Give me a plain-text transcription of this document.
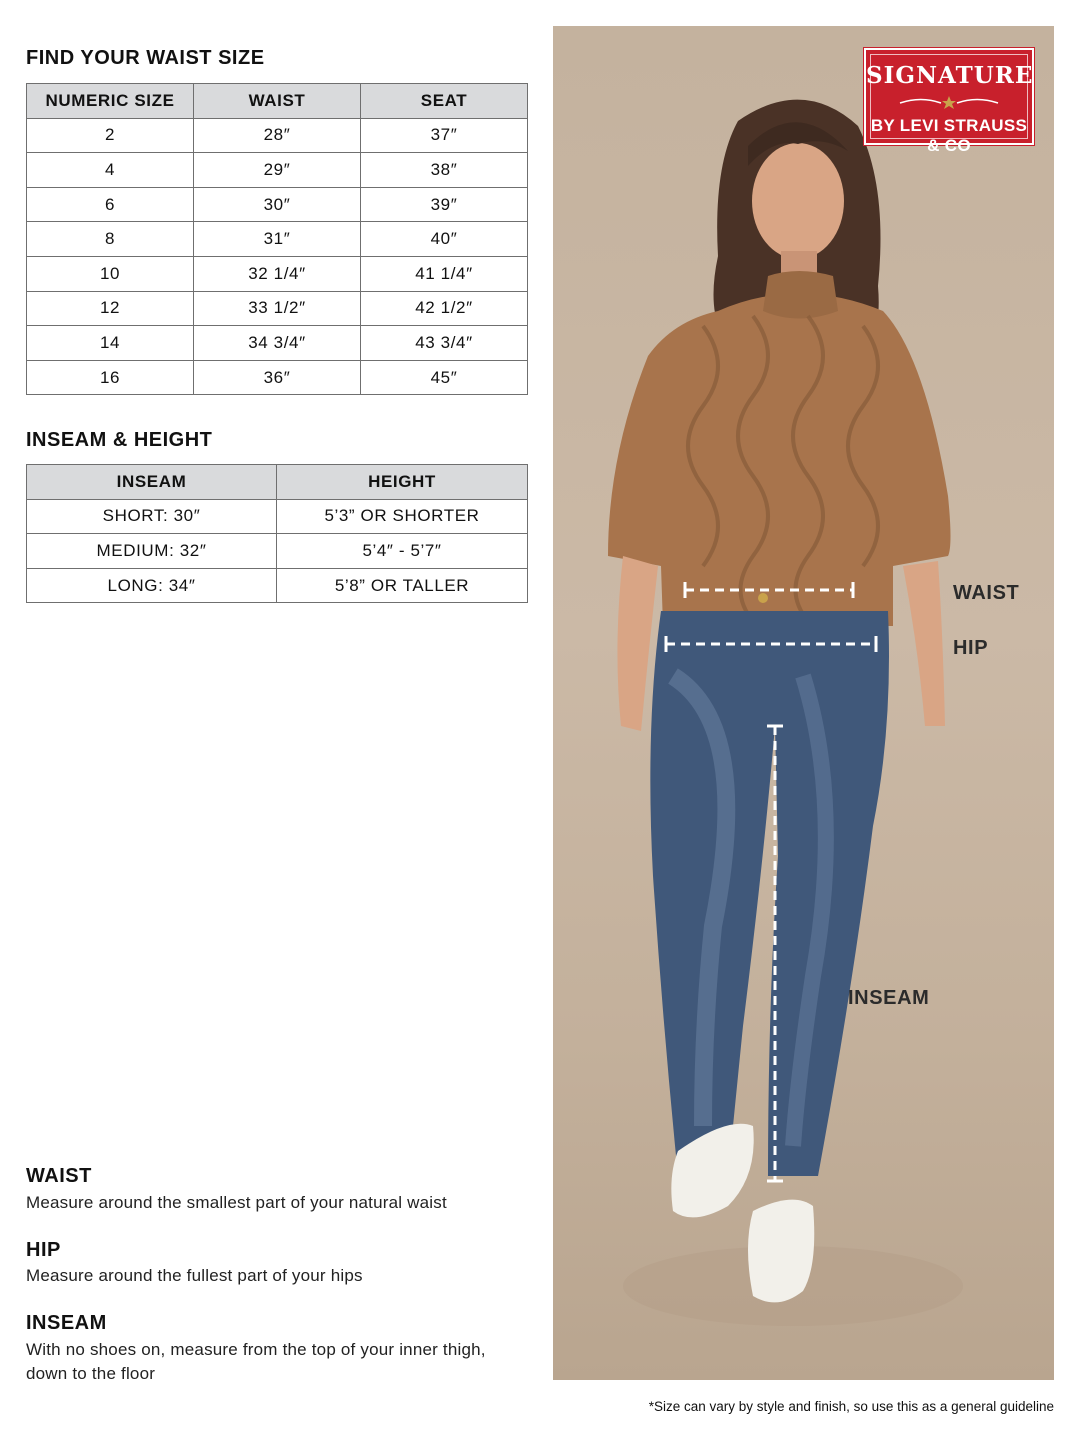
FIND YOUR WAIST SIZE
NUMERIC SIZE	WAIST	SEAT
2	28″	37″
4	29″	38″
6	30″	39″
8	31″	40″
10	32 1/4″	41 1/4″
12	33 1/2″	42 1/2″
14	34 3/4″	43 3/4″
16	36″	45″
INSEAM & HEIGHT
INSEAM	HEIGHT
SHORT: 30″	5’3” OR SHORTER
MEDIUM: 32″	5’4″ - 5’7″
LONG: 34″	5’8” OR TALLER
WAIST
Measure around the smallest part of your natural waist
HIP
Measure around the fullest part of your hips
INSEAM
With no shoes on, measure from the top of your inner thigh, down to the floor
SIGNATURE
BY LEVI STRAUSS & CO
WAIST
HIP
INSEAM
*Size can vary by style and finish, so use this as a general guideline
